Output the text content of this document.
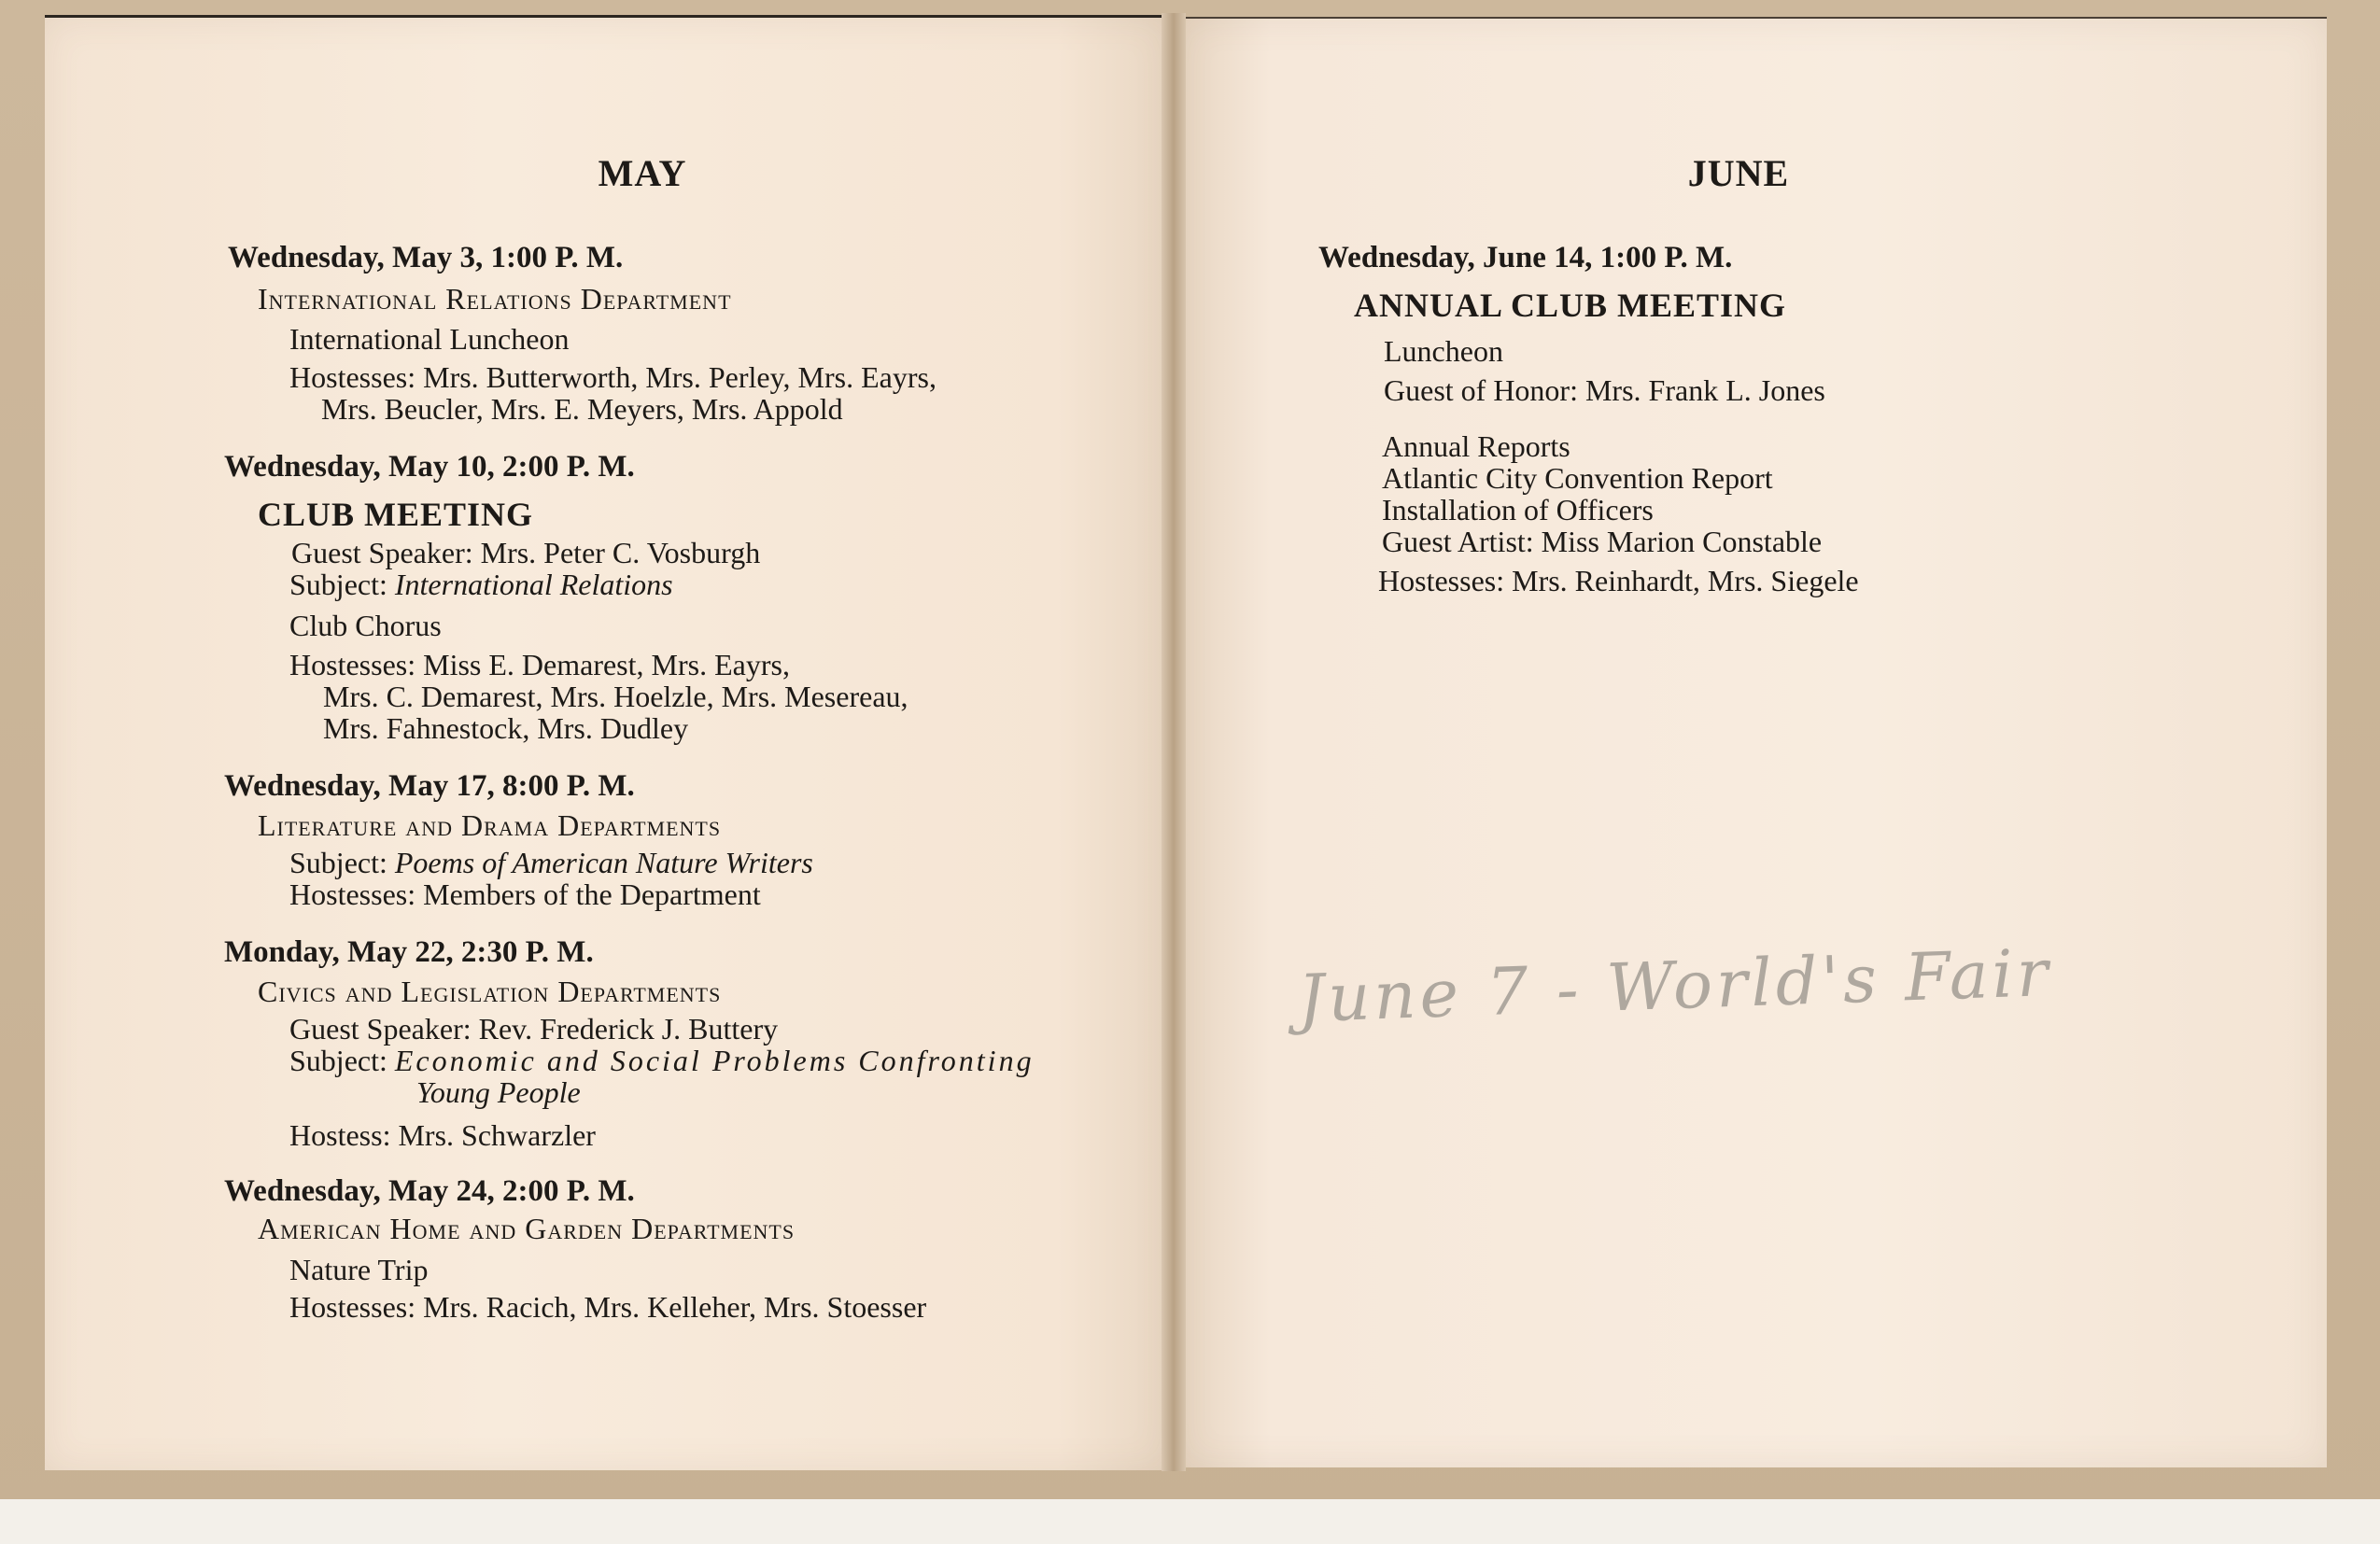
MAY
Wednesday, May 3, 1:00 P. M.
International Relations Department
International Luncheon
Hostesses: Mrs. Butterworth, Mrs. Perley, Mrs. Eayrs,
Mrs. Beucler, Mrs. E. Meyers, Mrs. Appold
Wednesday, May 10, 2:00 P. M.
CLUB MEETING
Guest Speaker: Mrs. Peter C. Vosburgh
Subject: International Relations
Club Chorus
Hostesses: Miss E. Demarest, Mrs. Eayrs,
Mrs. C. Demarest, Mrs. Hoelzle, Mrs. Mesereau,
Mrs. Fahnestock, Mrs. Dudley
Wednesday, May 17, 8:00 P. M.
Literature and Drama Departments
Subject: Poems of American Nature Writers
Hostesses: Members of the Department
Monday, May 22, 2:30 P. M.
Civics and Legislation Departments
Guest Speaker: Rev. Frederick J. Buttery
Subject: Economic and Social Problems Confronting
Young People
Hostess: Mrs. Schwarzler
Wednesday, May 24, 2:00 P. M.
American Home and Garden Departments
Nature Trip
Hostesses: Mrs. Racich, Mrs. Kelleher, Mrs. Stoesser
JUNE
Wednesday, June 14, 1:00 P. M.
ANNUAL CLUB MEETING
Luncheon
Guest of Honor: Mrs. Frank L. Jones
Annual Reports
Atlantic City Convention Report
Installation of Officers
Guest Artist: Miss Marion Constable
Hostesses: Mrs. Reinhardt, Mrs. Siegele
June 7 - World's Fair
